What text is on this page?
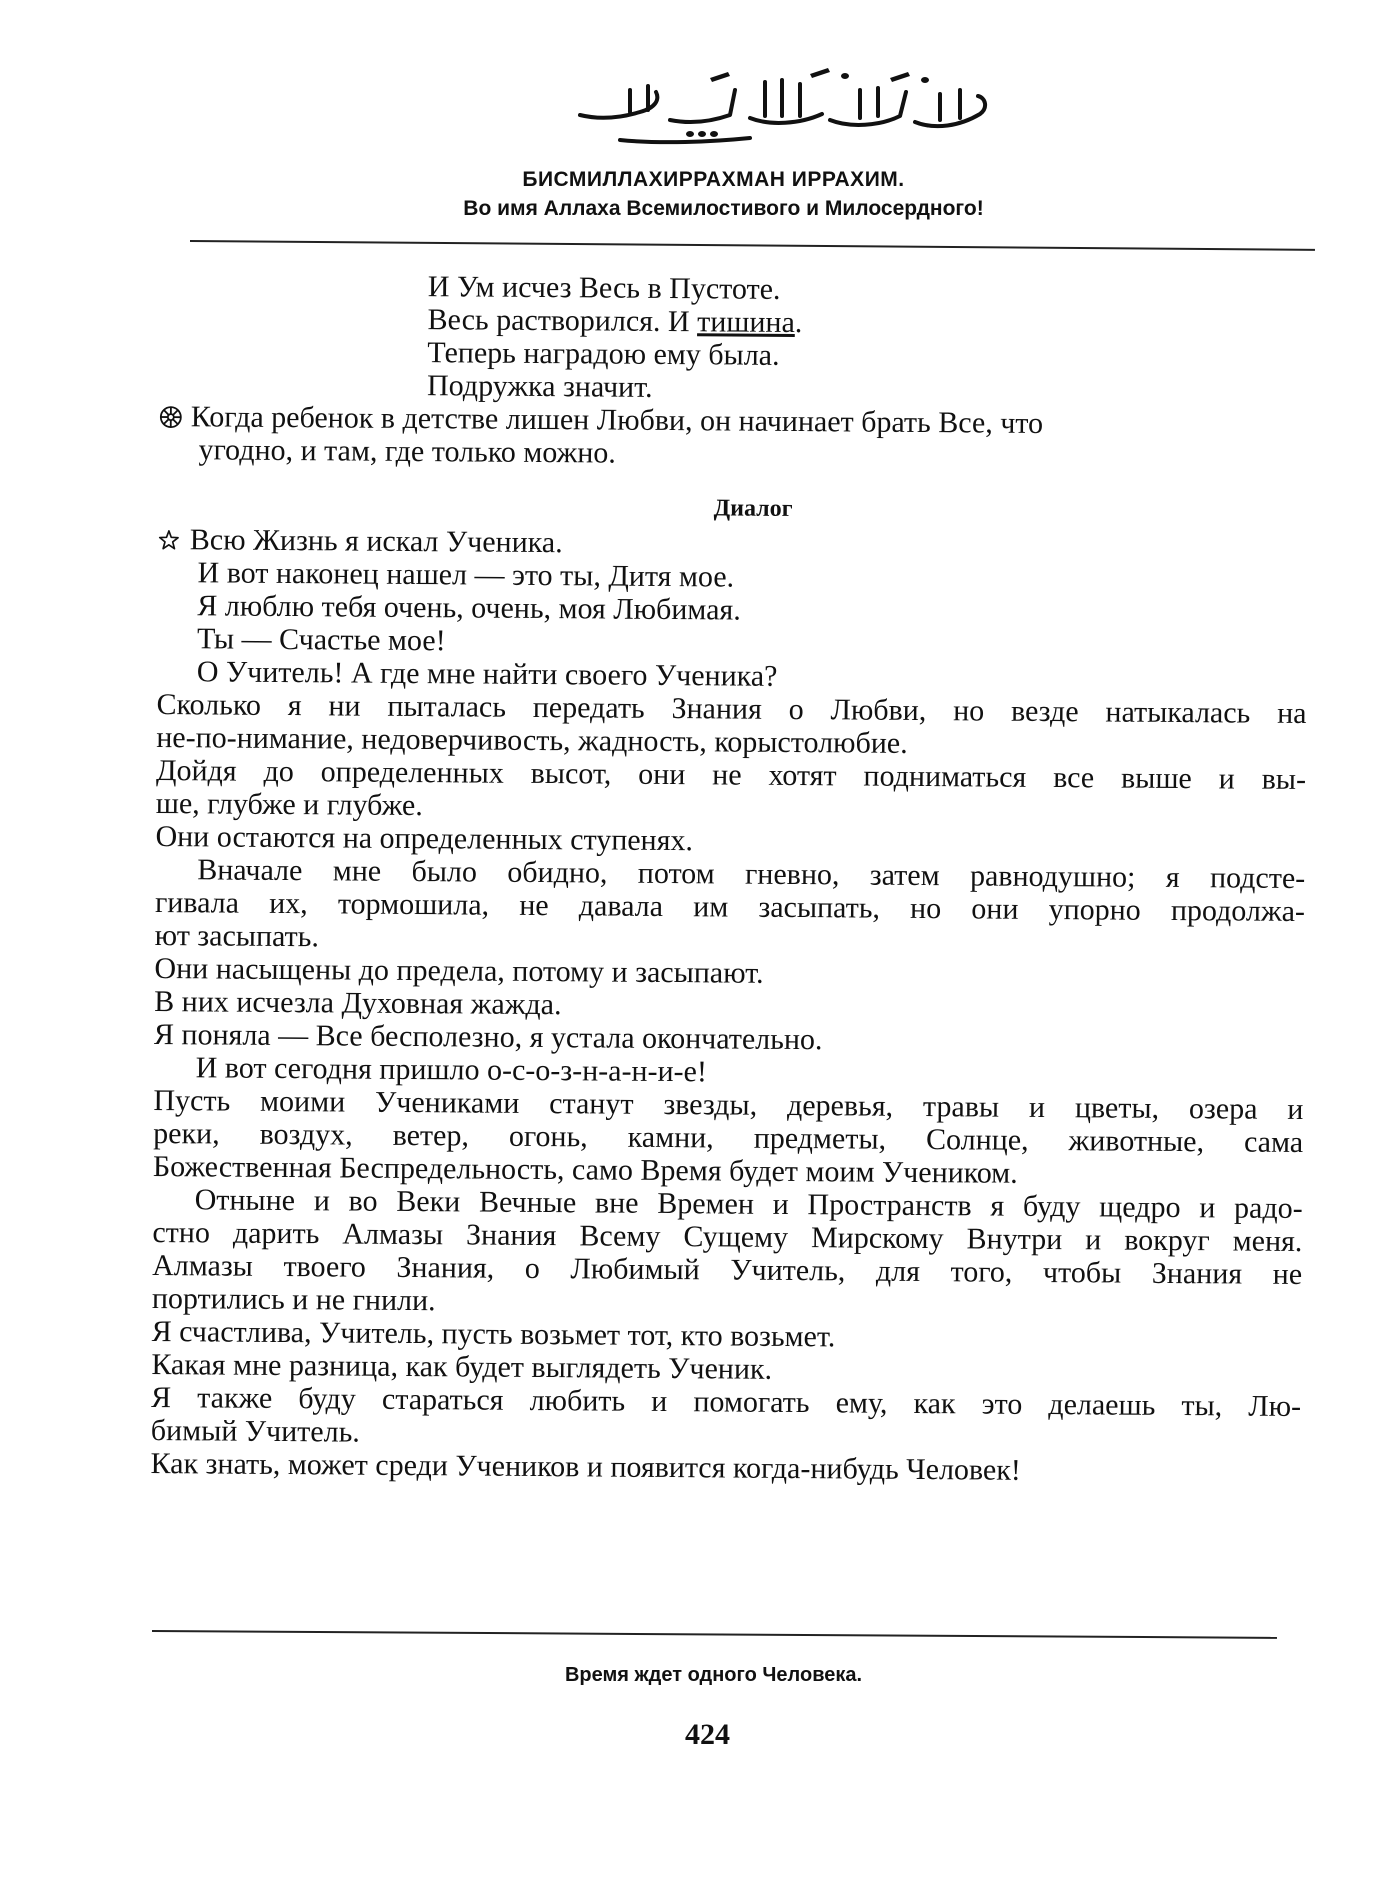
БИСМИЛЛАХИРРАХМАН ИРРАХИМ.
Во имя Аллаха Всемилостивого и Милосердного!
И Ум исчез Весь в Пустоте.
Весь растворился. И тишина.
Теперь наградою ему была.
Подружка значит.
Когда ребенок в детстве лишен Любви, он начинает брать Все, что
угодно, и там, где только можно.
Диалог
Всю Жизнь я искал Ученика.
И вот наконец нашел — это ты, Дитя мое.
Я люблю тебя очень, очень, моя Любимая.
Ты — Счастье мое!
О Учитель! А где мне найти своего Ученика?
Сколько я ни пыталась передать Знания о Любви, но везде натыкалась на
не-по-нимание, недоверчивость, жадность, корыстолюбие.
Дойдя до определенных высот, они не хотят подниматься все выше и вы-
ше, глубже и глубже.
Они остаются на определенных ступенях.
Вначале мне было обидно, потом гневно, затем равнодушно; я подсте-
гивала их, тормошила, не давала им засыпать, но они упорно продолжа-
ют засыпать.
Они насыщены до предела, потому и засыпают.
В них исчезла Духовная жажда.
Я поняла — Все бесполезно, я устала окончательно.
И вот сегодня пришло о-с-о-з-н-а-н-и-е!
Пусть моими Учениками станут звезды, деревья, травы и цветы, озера и
реки, воздух, ветер, огонь, камни, предметы, Солнце, животные, сама
Божественная Беспредельность, само Время будет моим Учеником.
Отныне и во Веки Вечные вне Времен и Пространств я буду щедро и радо-
стно дарить Алмазы Знания Всему Сущему Мирскому Внутри и вокруг меня.
Алмазы твоего Знания, о Любимый Учитель, для того, чтобы Знания не
портились и не гнили.
Я счастлива, Учитель, пусть возьмет тот, кто возьмет.
Какая мне разница, как будет выглядеть Ученик.
Я также буду стараться любить и помогать ему, как это делаешь ты, Лю-
бимый Учитель.
Как знать, может среди Учеников и появится когда-нибудь Человек!
Время ждет одного Человека.
424
